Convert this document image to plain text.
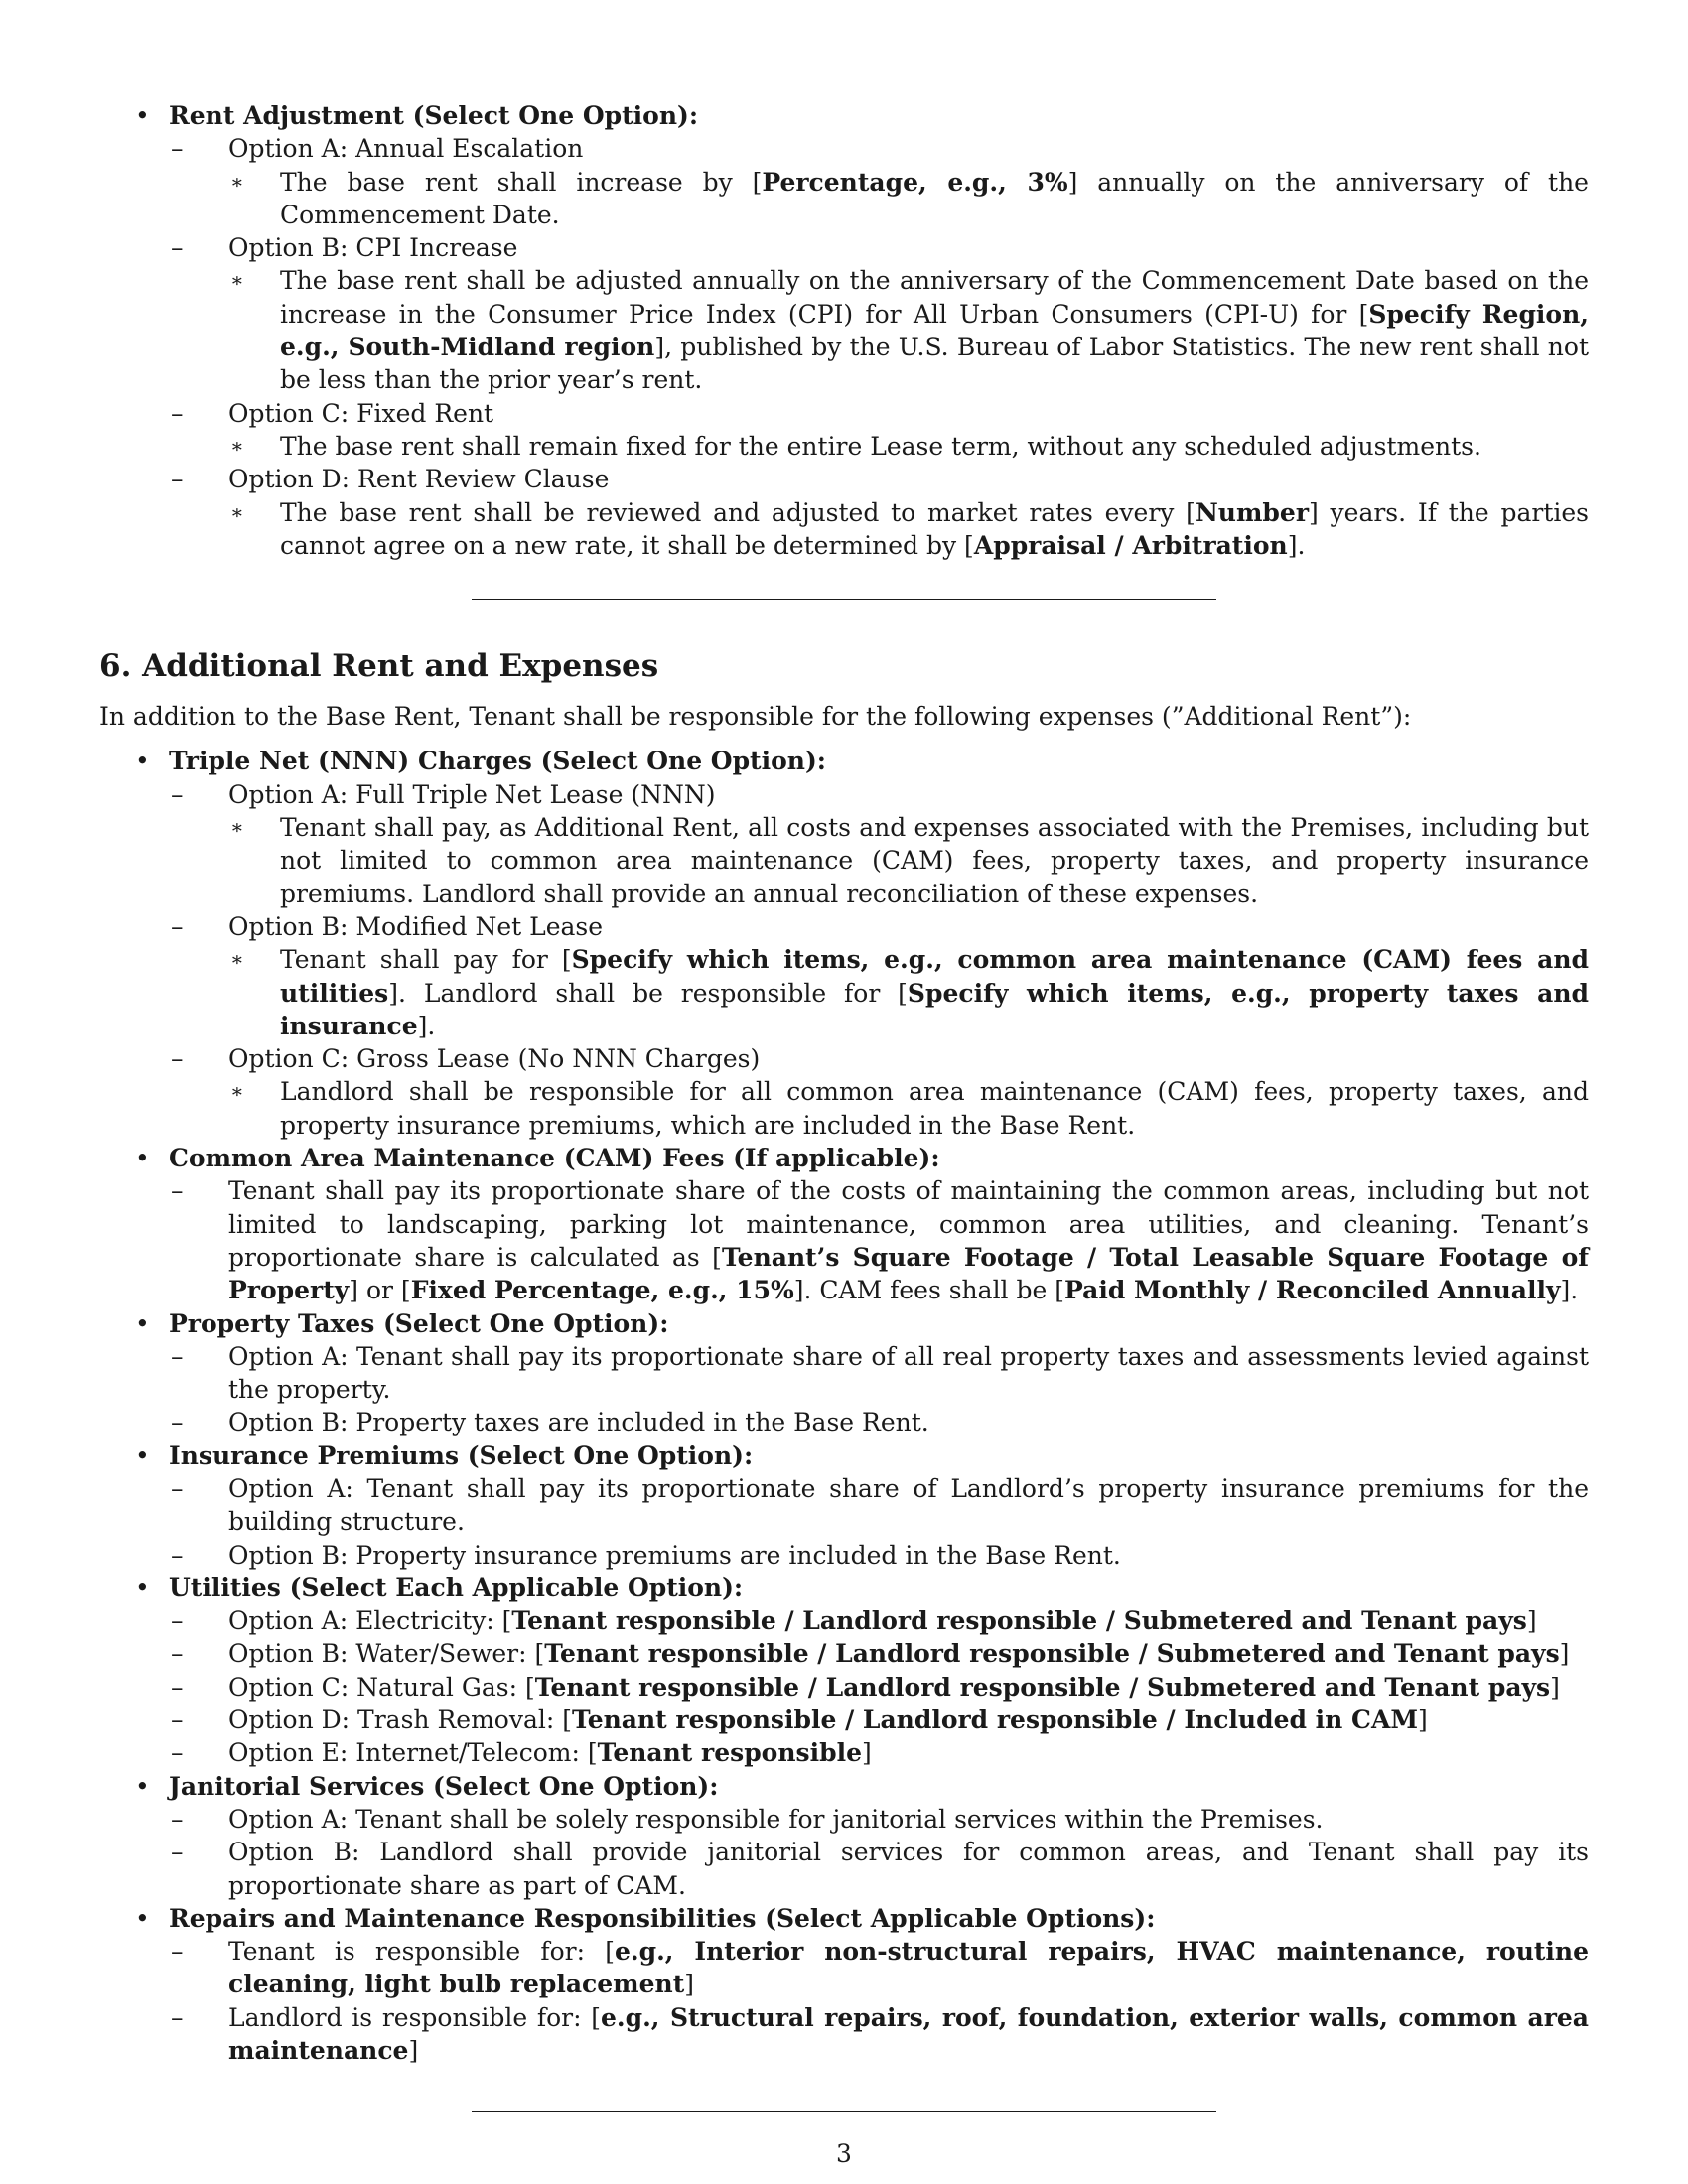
• Rent Adjustment (Select One Option):
– Option A: Annual Escalation
∗ The base rent shall increase by [Percentage, e.g., 3%] annually on the anniversary of the Commencement Date.
– Option B: CPI Increase
∗ The base rent shall be adjusted annually on the anniversary of the Commencement Date based on the increase in the Consumer Price Index (CPI) for All Urban Consumers (CPI-U) for [Specify Region, e.g., South-Midland region], published by the U.S. Bureau of Labor Statistics. The new rent shall not be less than the prior year’s rent.
– Option C: Fixed Rent
∗ The base rent shall remain fixed for the entire Lease term, without any scheduled adjustments.
– Option D: Rent Review Clause
∗ The base rent shall be reviewed and adjusted to market rates every [Number] years. If the parties cannot agree on a new rate, it shall be determined by [Appraisal / Arbitration].
6. Additional Rent and Expenses
In addition to the Base Rent, Tenant shall be responsible for the following expenses (”Additional Rent”):
• Triple Net (NNN) Charges (Select One Option):
– Option A: Full Triple Net Lease (NNN)
∗ Tenant shall pay, as Additional Rent, all costs and expenses associated with the Premises, including but not limited to common area maintenance (CAM) fees, property taxes, and property insurance premiums. Landlord shall provide an annual reconciliation of these expenses.
– Option B: Modified Net Lease
∗ Tenant shall pay for [Specify which items, e.g., common area maintenance (CAM) fees and utilities]. Landlord shall be responsible for [Specify which items, e.g., property taxes and insurance].
– Option C: Gross Lease (No NNN Charges)
∗ Landlord shall be responsible for all common area maintenance (CAM) fees, property taxes, and property insurance premiums, which are included in the Base Rent.
• Common Area Maintenance (CAM) Fees (If applicable):
– Tenant shall pay its proportionate share of the costs of maintaining the common areas, including but not limited to landscaping, parking lot maintenance, common area utilities, and cleaning. Tenant’s proportionate share is calculated as [Tenant’s Square Footage / Total Leasable Square Footage of Property] or [Fixed Percentage, e.g., 15%]. CAM fees shall be [Paid Monthly / Reconciled Annually].
• Property Taxes (Select One Option):
– Option A: Tenant shall pay its proportionate share of all real property taxes and assessments levied against the property.
– Option B: Property taxes are included in the Base Rent.
• Insurance Premiums (Select One Option):
– Option A: Tenant shall pay its proportionate share of Landlord’s property insurance premiums for the building structure.
– Option B: Property insurance premiums are included in the Base Rent.
• Utilities (Select Each Applicable Option):
– Option A: Electricity: [Tenant responsible / Landlord responsible / Submetered and Tenant pays]
– Option B: Water/Sewer: [Tenant responsible / Landlord responsible / Submetered and Tenant pays]
– Option C: Natural Gas: [Tenant responsible / Landlord responsible / Submetered and Tenant pays]
– Option D: Trash Removal: [Tenant responsible / Landlord responsible / Included in CAM]
– Option E: Internet/Telecom: [Tenant responsible]
• Janitorial Services (Select One Option):
– Option A: Tenant shall be solely responsible for janitorial services within the Premises.
– Option B: Landlord shall provide janitorial services for common areas, and Tenant shall pay its proportionate share as part of CAM.
• Repairs and Maintenance Responsibilities (Select Applicable Options):
– Tenant is responsible for: [e.g., Interior non-structural repairs, HVAC maintenance, routine cleaning, light bulb replacement]
– Landlord is responsible for: [e.g., Structural repairs, roof, foundation, exterior walls, common area maintenance]
3
